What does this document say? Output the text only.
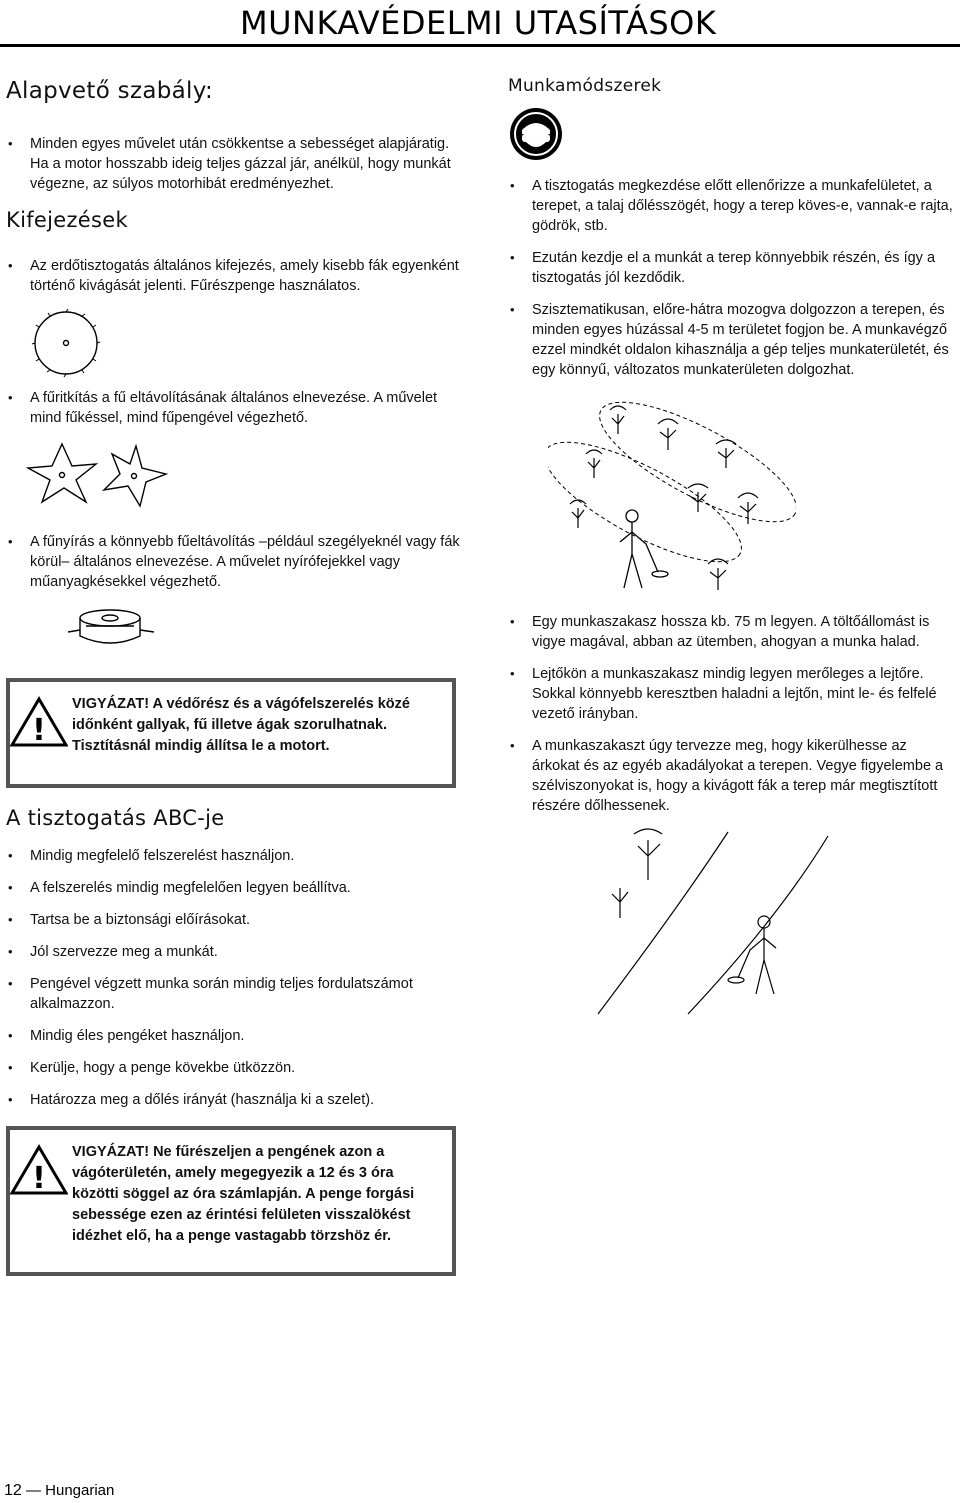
MUNKAVÉDELMI UTASÍTÁSOK
Alapvető szabály:
• Minden egyes művelet után csökkentse a sebességet alapjáratig. Ha a motor hosszabb ideig teljes gázzal jár, anélkül, hogy munkát végezne, az súlyos motorhibát eredményezhet.
Kifejezések
• Az erdőtisztogatás általános kifejezés, amely kisebb fák egyenként történő kivágását jelenti. Fűrészpenge használatos.
• A fűritkítás a fű eltávolításának általános elnevezése. A művelet mind fűkéssel, mind fűpengével végezhető.
• A fűnyírás a könnyebb fűeltávolítás –például szegélyeknél vagy fák körül– általános elnevezése. A művelet nyírófejekkel vagy műanyagkésekkel végezhető.
!
VIGYÁZAT! A védőrész és a vágófelszerelés közé időnként gallyak, fű illetve ágak szorulhatnak. Tisztításnál mindig állítsa le a motort.
A tisztogatás ABC-je
• Mindig megfelelő felszerelést használjon.
• A felszerelés mindig megfelelően legyen beállítva.
• Tartsa be a biztonsági előírásokat.
• Jól szervezze meg a munkát.
• Pengével végzett munka során mindig teljes fordulatszámot alkalmazzon.
• Mindig éles pengéket használjon.
• Kerülje, hogy a penge kövekbe ütközzön.
• Határozza meg a dőlés irányát (használja ki a szelet).
!
VIGYÁZAT! Ne fűrészeljen a pengének azon a vágóterületén, amely megegyezik a 12 és 3 óra közötti söggel az óra számlapján. A penge forgási sebessége ezen az érintési felületen visszalökést idézhet elő, ha a penge vastagabb törzshöz ér.
Munkamódszerek
• A tisztogatás megkezdése előtt ellenőrizze a munkafelületet, a terepet, a talaj dőlésszögét, hogy a terep köves-e, vannak-e rajta, gödrök, stb.
• Ezután kezdje el a munkát a terep könnyebbik részén, és így a tisztogatás jól kezdődik.
• Szisztematikusan, előre-hátra mozogva dolgozzon a terepen, és minden egyes húzással 4-5 m területet fogjon be. A munkavégző ezzel mindkét oldalon kihasználja a gép teljes munkaterületét, és egy könnyű, változatos munkaterületen dolgozhat.
• Egy munkaszakasz hossza kb. 75 m legyen. A töltőállomást is vigye magával, abban az ütemben, ahogyan a munka halad.
• Lejtőkön a munkaszakasz mindig legyen merőleges a lejtőre. Sokkal könnyebb keresztben haladni a lejtőn, mint le- és felfelé vezető irányban.
• A munkaszakaszt úgy tervezze meg, hogy kikerülhesse az árkokat és az egyéb akadályokat a terepen. Vegye figyelembe a szélviszonyokat is, hogy a kivágott fák a terep már megtisztított részére dőlhessenek.
12 — Hungarian
